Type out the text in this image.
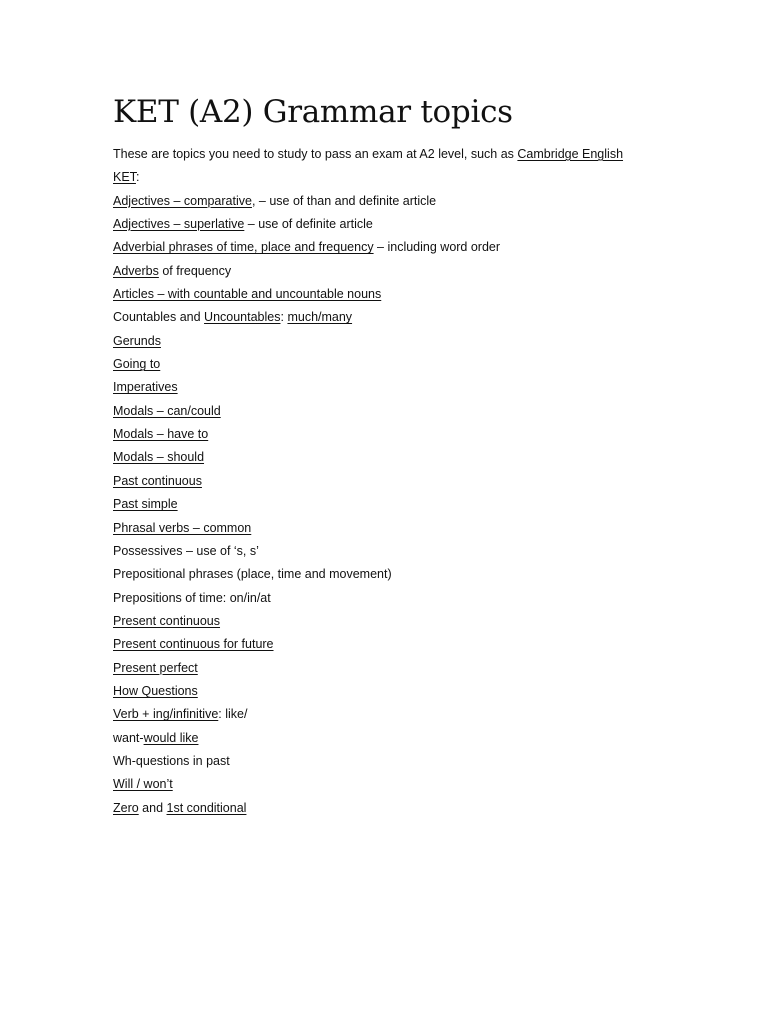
KET (A2) Grammar topics
These are topics you need to study to pass an exam at A2 level, such as Cambridge English
KET:
Adjectives – comparative, – use of than and definite article
Adjectives – superlative – use of definite article
Adverbial phrases of time, place and frequency – including word order
Adverbs of frequency
Articles – with countable and uncountable nouns
Countables and Uncountables: much/many
Gerunds
Going to
Imperatives
Modals – can/could
Modals – have to
Modals – should
Past continuous
Past simple
Phrasal verbs – common
Possessives – use of ‘s, s’
Prepositional phrases (place, time and movement)
Prepositions of time: on/in/at
Present continuous
Present continuous for future
Present perfect
How Questions
Verb + ing/infinitive: like/
want-would like
Wh-questions in past
Will / won’t
Zero and 1st conditional
